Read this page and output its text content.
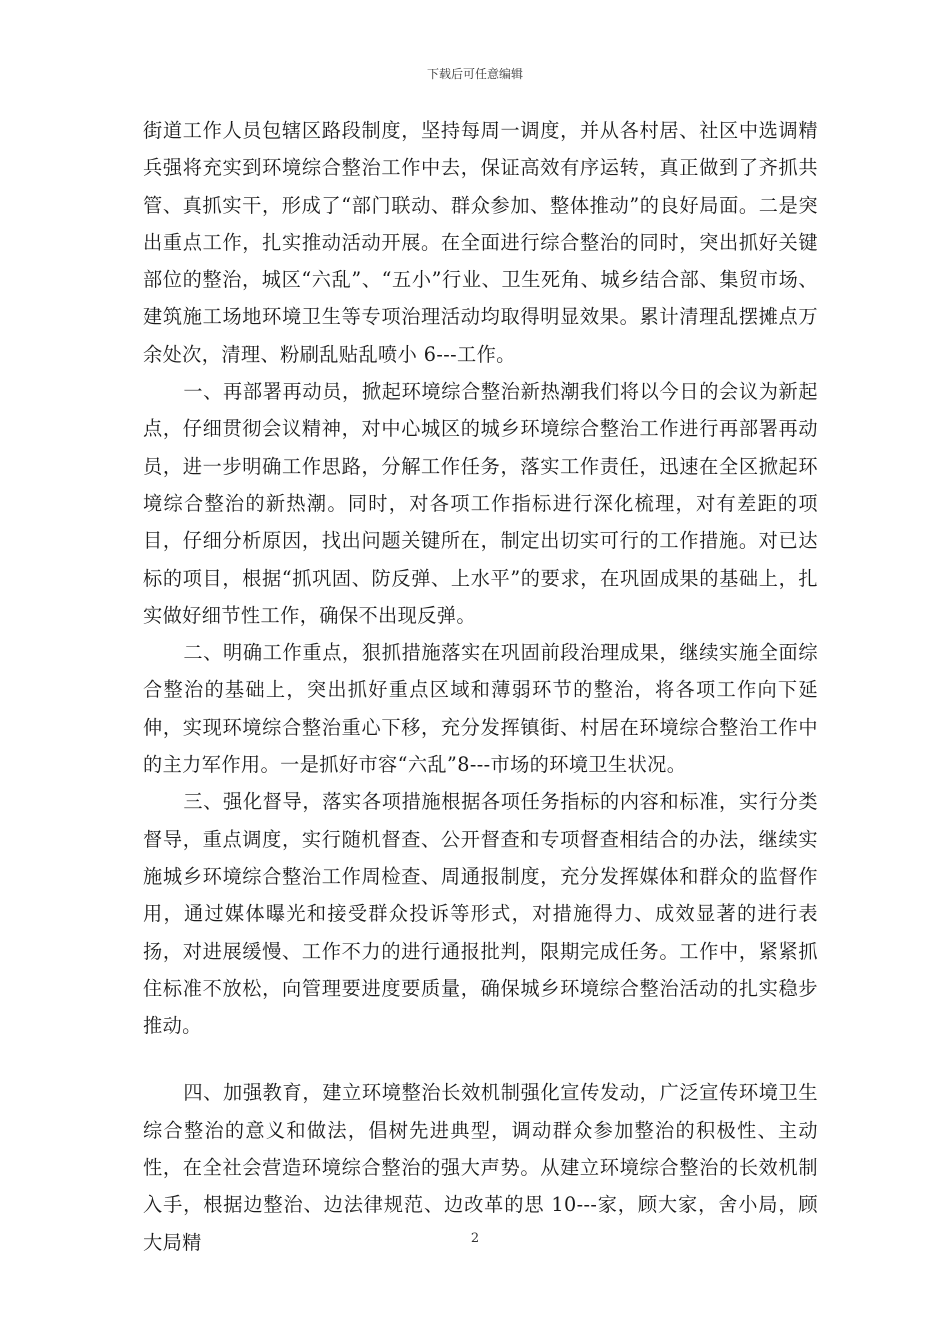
下载后可任意编辑

街道工作人员包辖区路段制度，坚持每周一调度，并从各村居、社区中选调精兵强将充实到环境综合整治工作中去，保证高效有序运转，真正做到了齐抓共管、真抓实干，形成了“部门联动、群众参加、整体推动”的良好局面。二是突出重点工作，扎实推动活动开展。在全面进行综合整治的同时，突出抓好关键部位的整治，城区“六乱”、“五小”行业、卫生死角、城乡结合部、集贸市场、建筑施工场地环境卫生等专项治理活动均取得明显效果。累计清理乱摆摊点万余处次，清理、粉刷乱贴乱喷小 6---工作。

一、再部署再动员，掀起环境综合整治新热潮我们将以今日的会议为新起点，仔细贯彻会议精神，对中心城区的城乡环境综合整治工作进行再部署再动员，进一步明确工作思路，分解工作任务，落实工作责任，迅速在全区掀起环境综合整治的新热潮。同时，对各项工作指标进行深化梳理，对有差距的项目，仔细分析原因，找出问题关键所在，制定出切实可行的工作措施。对已达标的项目，根据“抓巩固、防反弹、上水平”的要求，在巩固成果的基础上，扎实做好细节性工作，确保不出现反弹。

二、明确工作重点，狠抓措施落实在巩固前段治理成果，继续实施全面综合整治的基础上，突出抓好重点区域和薄弱环节的整治，将各项工作向下延伸，实现环境综合整治重心下移，充分发挥镇街、村居在环境综合整治工作中的主力军作用。一是抓好市容“六乱”8---市场的环境卫生状况。

三、强化督导，落实各项措施根据各项任务指标的内容和标准，实行分类督导，重点调度，实行随机督查、公开督查和专项督查相结合的办法，继续实施城乡环境综合整治工作周检查、周通报制度，充分发挥媒体和群众的监督作用，通过媒体曝光和接受群众投诉等形式，对措施得力、成效显著的进行表扬，对进展缓慢、工作不力的进行通报批判，限期完成任务。工作中，紧紧抓住标准不放松，向管理要进度要质量，确保城乡环境综合整治活动的扎实稳步推动。

四、加强教育，建立环境整治长效机制强化宣传发动，广泛宣传环境卫生综合整治的意义和做法，倡树先进典型，调动群众参加整治的积极性、主动性，在全社会营造环境综合整治的强大声势。从建立环境综合整治的长效机制入手，根据边整治、边法律规范、边改革的思 10---家，顾大家，舍小局，顾大局精	2
